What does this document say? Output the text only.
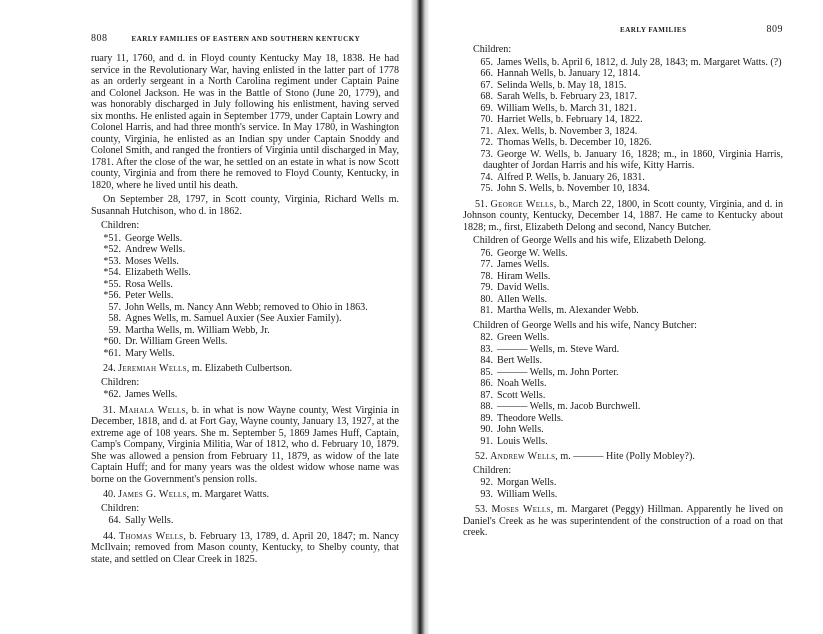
808	EARLY FAMILIES OF EASTERN AND SOUTHERN KENTUCKY

ruary 11, 1760, and d. in Floyd county Kentucky May 18, 1838. He had service in the Revolutionary War, having enlisted in the latter part of 1778 as an orderly sergeant in a North Carolina regiment under Captain Paine and Colonel Jackson. He was in the Battle of Stono (June 20, 1779), and was honorably discharged in July following his enlistment, having served six months. He enlisted again in September 1779, under Captain Lowry and Colonel Harris, and had three month's service. In May 1780, in Washington county, Virginia, he enlisted as an Indian spy under Captain Snoddy and Colonel Smith, and ranged the frontiers of Virginia until discharged in May, 1781. After the close of the war, he settled on an estate in what is now Scott county, Virginia and from there he removed to Floyd County, Kentucky, in 1820, where he lived until his death.

On September 28, 1797, in Scott county, Virginia, Richard Wells m. Susannah Hutchison, who d. in 1862.

Children:
*51. George Wells.
*52. Andrew Wells.
*53. Moses Wells.
*54. Elizabeth Wells.
*55. Rosa Wells.
*56. Peter Wells.
57. John Wells, m. Nancy Ann Webb; removed to Ohio in 1863.
58. Agnes Wells, m. Samuel Auxier (See Auxier Family).
59. Martha Wells, m. William Webb, Jr.
*60. Dr. William Green Wells.
*61. Mary Wells.

24. Jeremiah Wells, m. Elizabeth Culbertson.

Children:
*62. James Wells.

31. Mahala Wells, b. in what is now Wayne county, West Virginia in December, 1818, and d. at Fort Gay, Wayne county, January 13, 1927, at the extreme age of 108 years. She m. September 5, 1869 James Huff, Captain, Camp's Company, Virginia Militia, War of 1812, who d. February 10, 1879. She was allowed a pension from February 11, 1879, as widow of the late Captain Huff; and for many years was the oldest widow whose name was borne on the Government's pension rolls.

40. James G. Wells, m. Margaret Watts.

Children:
64. Sally Wells.

44. Thomas Wells, b. February 13, 1789, d. April 20, 1847; m. Nancy McIlvain; removed from Mason county, Kentucky, to Shelby county, that state, and settled on Clear Creek in 1825.

EARLY FAMILIES	809
Children:
65. James Wells, b. April 6, 1812, d. July 28, 1843; m. Margaret Watts. (?)
66. Hannah Wells, b. January 12, 1814.
67. Selinda Wells, b. May 18, 1815.
68. Sarah Wells, b. February 23, 1817.
69. William Wells, b. March 31, 1821.
70. Harriet Wells, b. February 14, 1822.
71. Alex. Wells, b. November 3, 1824.
72. Thomas Wells, b. December 10, 1826.
73. George W. Wells, b. January 16, 1828; m., in 1860, Virginia Harris, daughter of Jordan Harris and his wife, Kitty Harris.
74. Alfred P. Wells, b. January 26, 1831.
75. John S. Wells, b. November 10, 1834.

51. George Wells, b., March 22, 1800, in Scott county, Virginia, and d. in Johnson county, Kentucky, December 14, 1887. He came to Kentucky about 1828; m., first, Elizabeth Delong and second, Nancy Butcher.

Children of George Wells and his wife, Elizabeth Delong.
76. George W. Wells.
77. James Wells.
78. Hiram Wells.
79. David Wells.
80. Allen Wells.
81. Martha Wells, m. Alexander Webb.
Children of George Wells and his wife, Nancy Butcher:
82. Green Wells.
83. ——— Wells, m. Steve Ward.
84. Bert Wells.
85. ——— Wells, m. John Porter.
86. Noah Wells.
87. Scott Wells.
88. ——— Wells, m. Jacob Burchwell.
89. Theodore Wells.
90. John Wells.
91. Louis Wells.

52. Andrew Wells, m. ——— Hite (Polly Mobley?).

Children:
92. Morgan Wells.
93. William Wells.

53. Moses Wells, m. Margaret (Peggy) Hillman. Apparently he lived on Daniel's Creek as he was superintendent of the construction of a road on that creek.
